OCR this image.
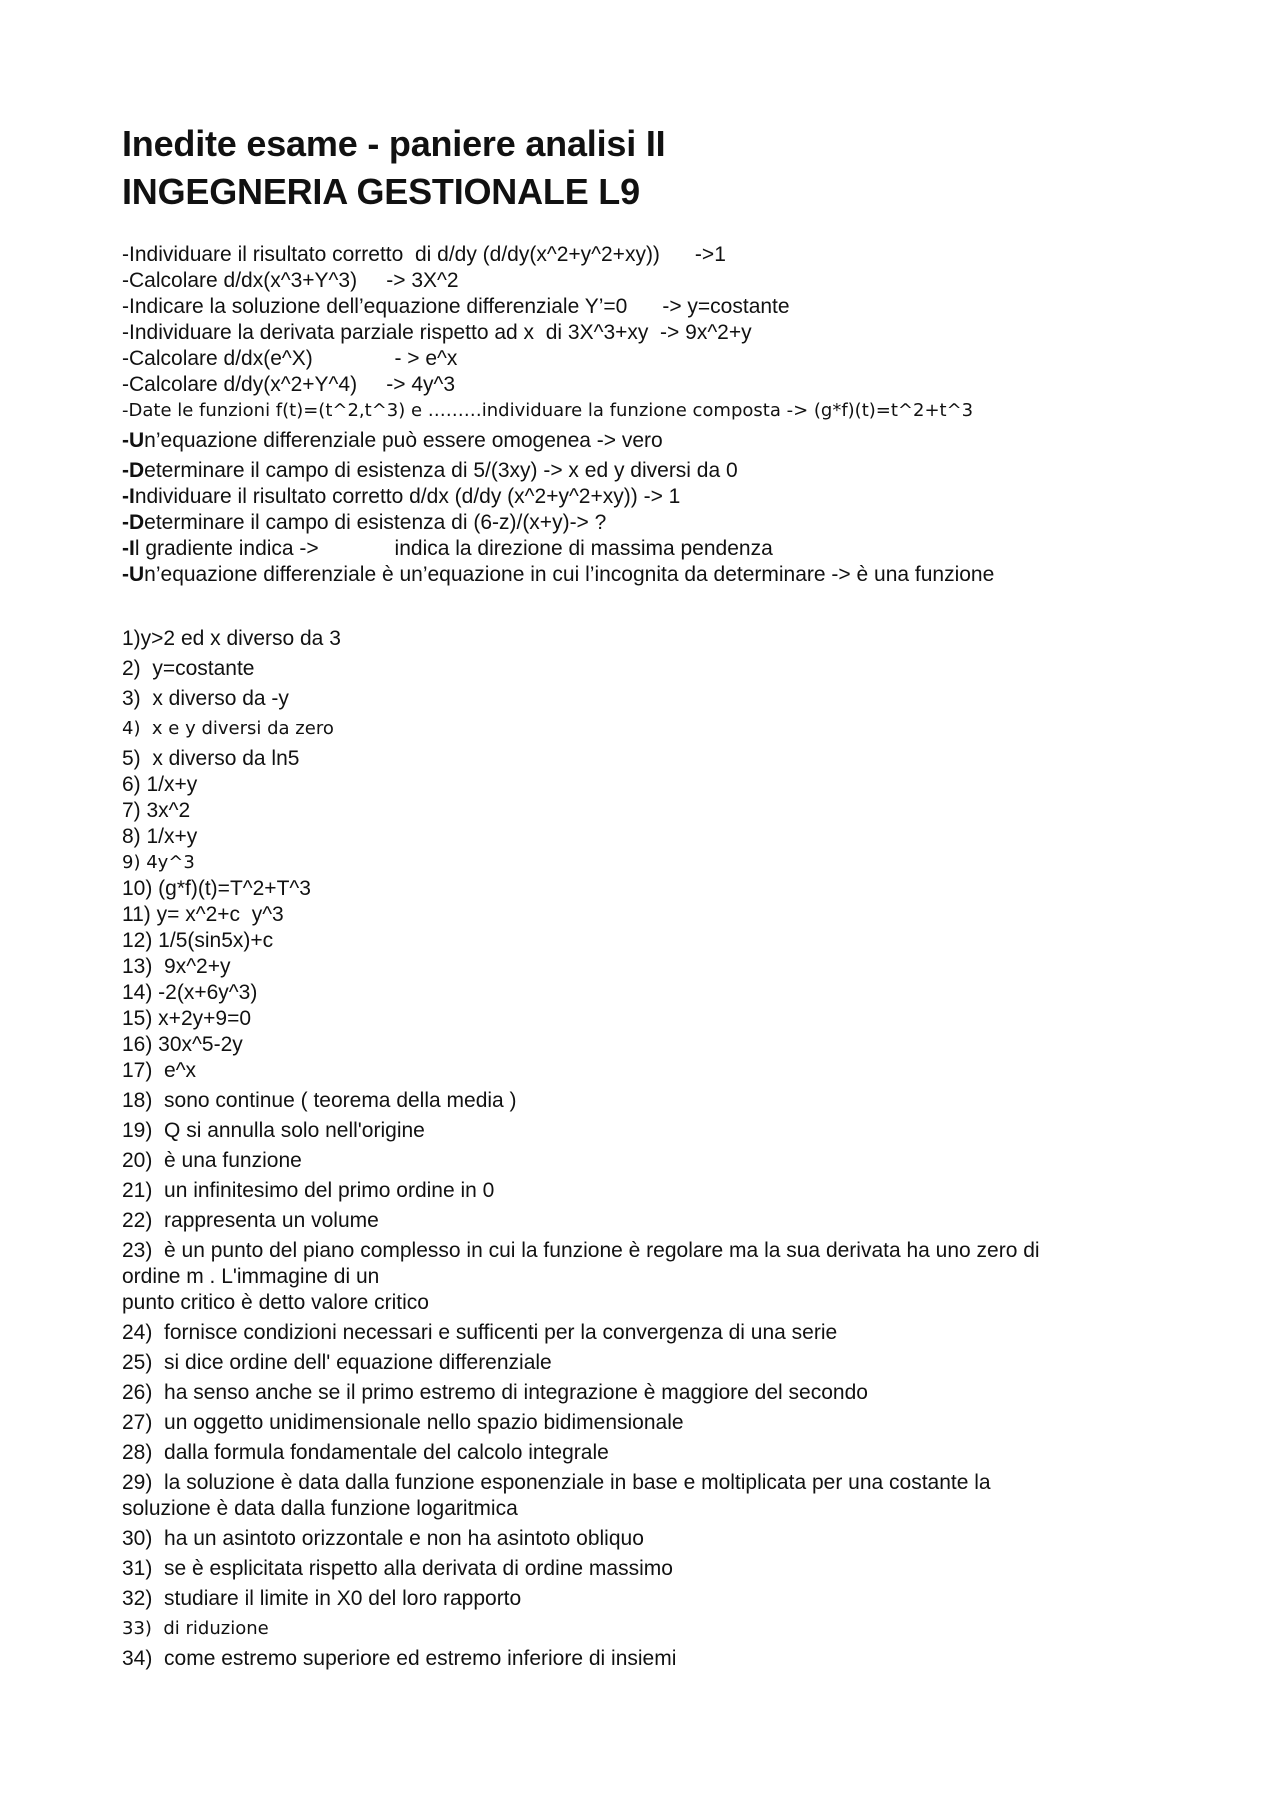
Inedite esame - paniere analisi II
INGEGNERIA GESTIONALE L9
-Individuare il risultato corretto  di d/dy (d/dy(x^2+y^2+xy))      ->1
-Calcolare d/dx(x^3+Y^3)     -> 3X^2
-Indicare la soluzione dell’equazione differenziale Y’=0      -> y=costante
-Individuare la derivata parziale rispetto ad x  di 3X^3+xy  -> 9x^2+y
-Calcolare d/dx(e^X)              - > e^x
-Calcolare d/dy(x^2+Y^4)     -> 4y^3
-Date le funzioni f(t)=(t^2,t^3) e ………individuare la funzione composta -> (g*f)(t)=t^2+t^3
-Un’equazione differenziale può essere omogenea -> vero
-Determinare il campo di esistenza di 5/(3xy) -> x ed y diversi da 0
-Individuare il risultato corretto d/dx (d/dy (x^2+y^2+xy)) -> 1
-Determinare il campo di esistenza di (6-z)/(x+y)-> ?
-Il gradiente indica ->             indica la direzione di massima pendenza
-Un’equazione differenziale è un’equazione in cui l’incognita da determinare -> è una funzione
1)y>2 ed x diverso da 3
2)  y=costante
3)  x diverso da -y
4)  x e y diversi da zero
5)  x diverso da ln5
6) 1/x+y
7) 3x^2
8) 1/x+y
9) 4y^3
10) (g*f)(t)=T^2+T^3
11) y= x^2+c  y^3
12) 1/5(sin5x)+c
13)  9x^2+y
14) -2(x+6y^3)
15) x+2y+9=0
16) 30x^5-2y
17)  e^x
18)  sono continue ( teorema della media )
19)  Q si annulla solo nell'origine
20)  è una funzione
21)  un infinitesimo del primo ordine in 0
22)  rappresenta un volume
23)  è un punto del piano complesso in cui la funzione è regolare ma la sua derivata ha uno zero di
ordine m . L'immagine di un
punto critico è detto valore critico
24)  fornisce condizioni necessari e sufficenti per la convergenza di una serie
25)  si dice ordine dell' equazione differenziale
26)  ha senso anche se il primo estremo di integrazione è maggiore del secondo
27)  un oggetto unidimensionale nello spazio bidimensionale
28)  dalla formula fondamentale del calcolo integrale
29)  la soluzione è data dalla funzione esponenziale in base e moltiplicata per una costante la
soluzione è data dalla funzione logaritmica
30)  ha un asintoto orizzontale e non ha asintoto obliquo
31)  se è esplicitata rispetto alla derivata di ordine massimo
32)  studiare il limite in X0 del loro rapporto
33)  di riduzione
34)  come estremo superiore ed estremo inferiore di insiemi
